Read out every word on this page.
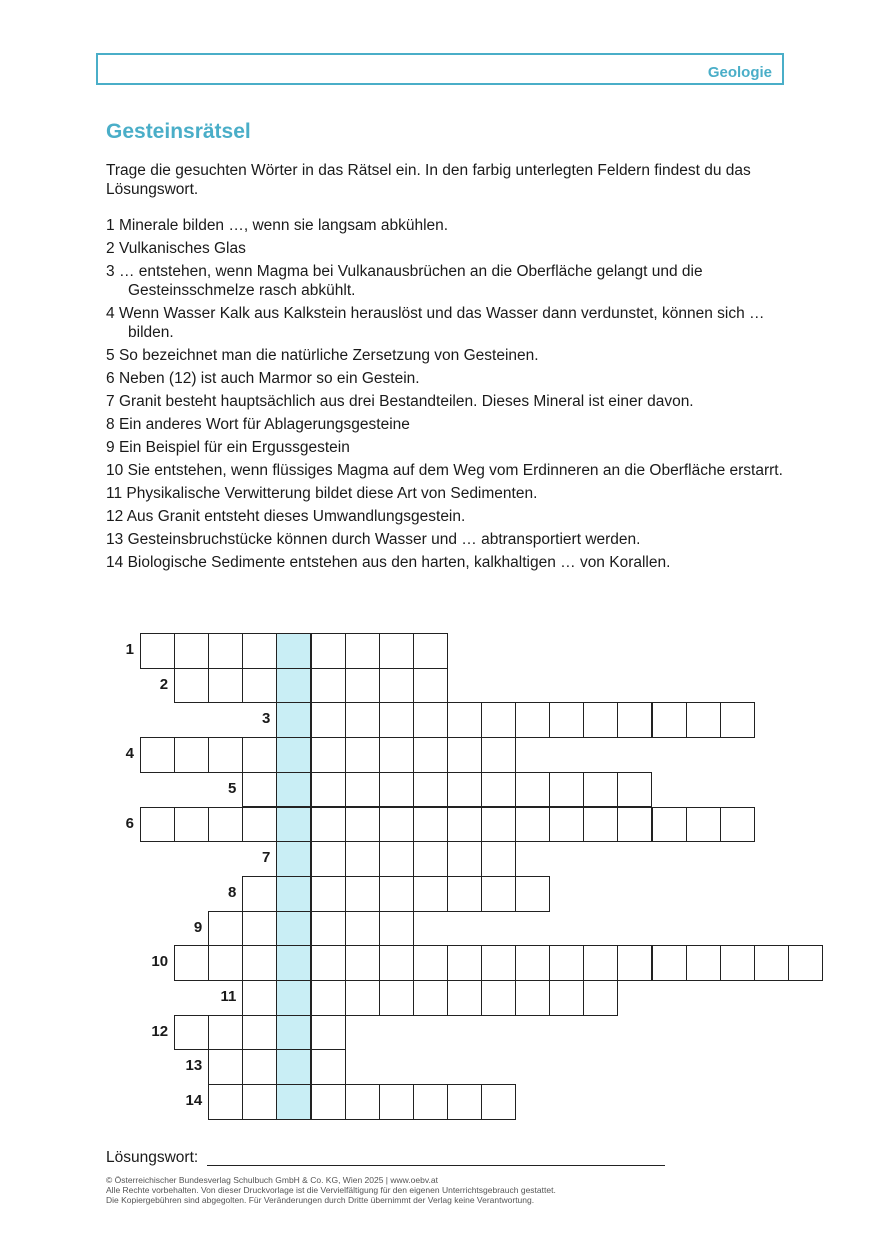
Geologie
Gesteinsrätsel
Trage die gesuchten Wörter in das Rätsel ein. In den farbig unterlegten Feldern findest du das Lösungswort.
1 Minerale bilden …, wenn sie langsam abkühlen.
2 Vulkanisches Glas
3 … entstehen, wenn Magma bei Vulkanausbrüchen an die Oberfläche gelangt und die Gesteinsschmelze rasch abkühlt.
4 Wenn Wasser Kalk aus Kalkstein herauslöst und das Wasser dann verdunstet, können sich … bilden.
5 So bezeichnet man die natürliche Zersetzung von Gesteinen.
6 Neben (12) ist auch Marmor so ein Gestein.
7 Granit besteht hauptsächlich aus drei Bestandteilen. Dieses Mineral ist einer davon.
8 Ein anderes Wort für Ablagerungsgesteine
9 Ein Beispiel für ein Ergussgestein
10 Sie entstehen, wenn flüssiges Magma auf dem Weg vom Erdinneren an die Oberfläche erstarrt.
11 Physikalische Verwitterung bildet diese Art von Sedimenten.
12 Aus Granit entsteht dieses Umwandlungsgestein.
13 Gesteinsbruchstücke können durch Wasser und … abtransportiert werden.
14 Biologische Sedimente entstehen aus den harten, kalkhaltigen … von Korallen.
1
2
3
4
5
6
7
8
9
10
11
12
13
14
Lösungswort:
© Österreichischer Bundesverlag Schulbuch GmbH & Co. KG, Wien 2025 | www.oebv.at
Alle Rechte vorbehalten. Von dieser Druckvorlage ist die Vervielfältigung für den eigenen Unterrichtsgebrauch gestattet.
Die Kopiergebühren sind abgegolten. Für Veränderungen durch Dritte übernimmt der Verlag keine Verantwortung.
